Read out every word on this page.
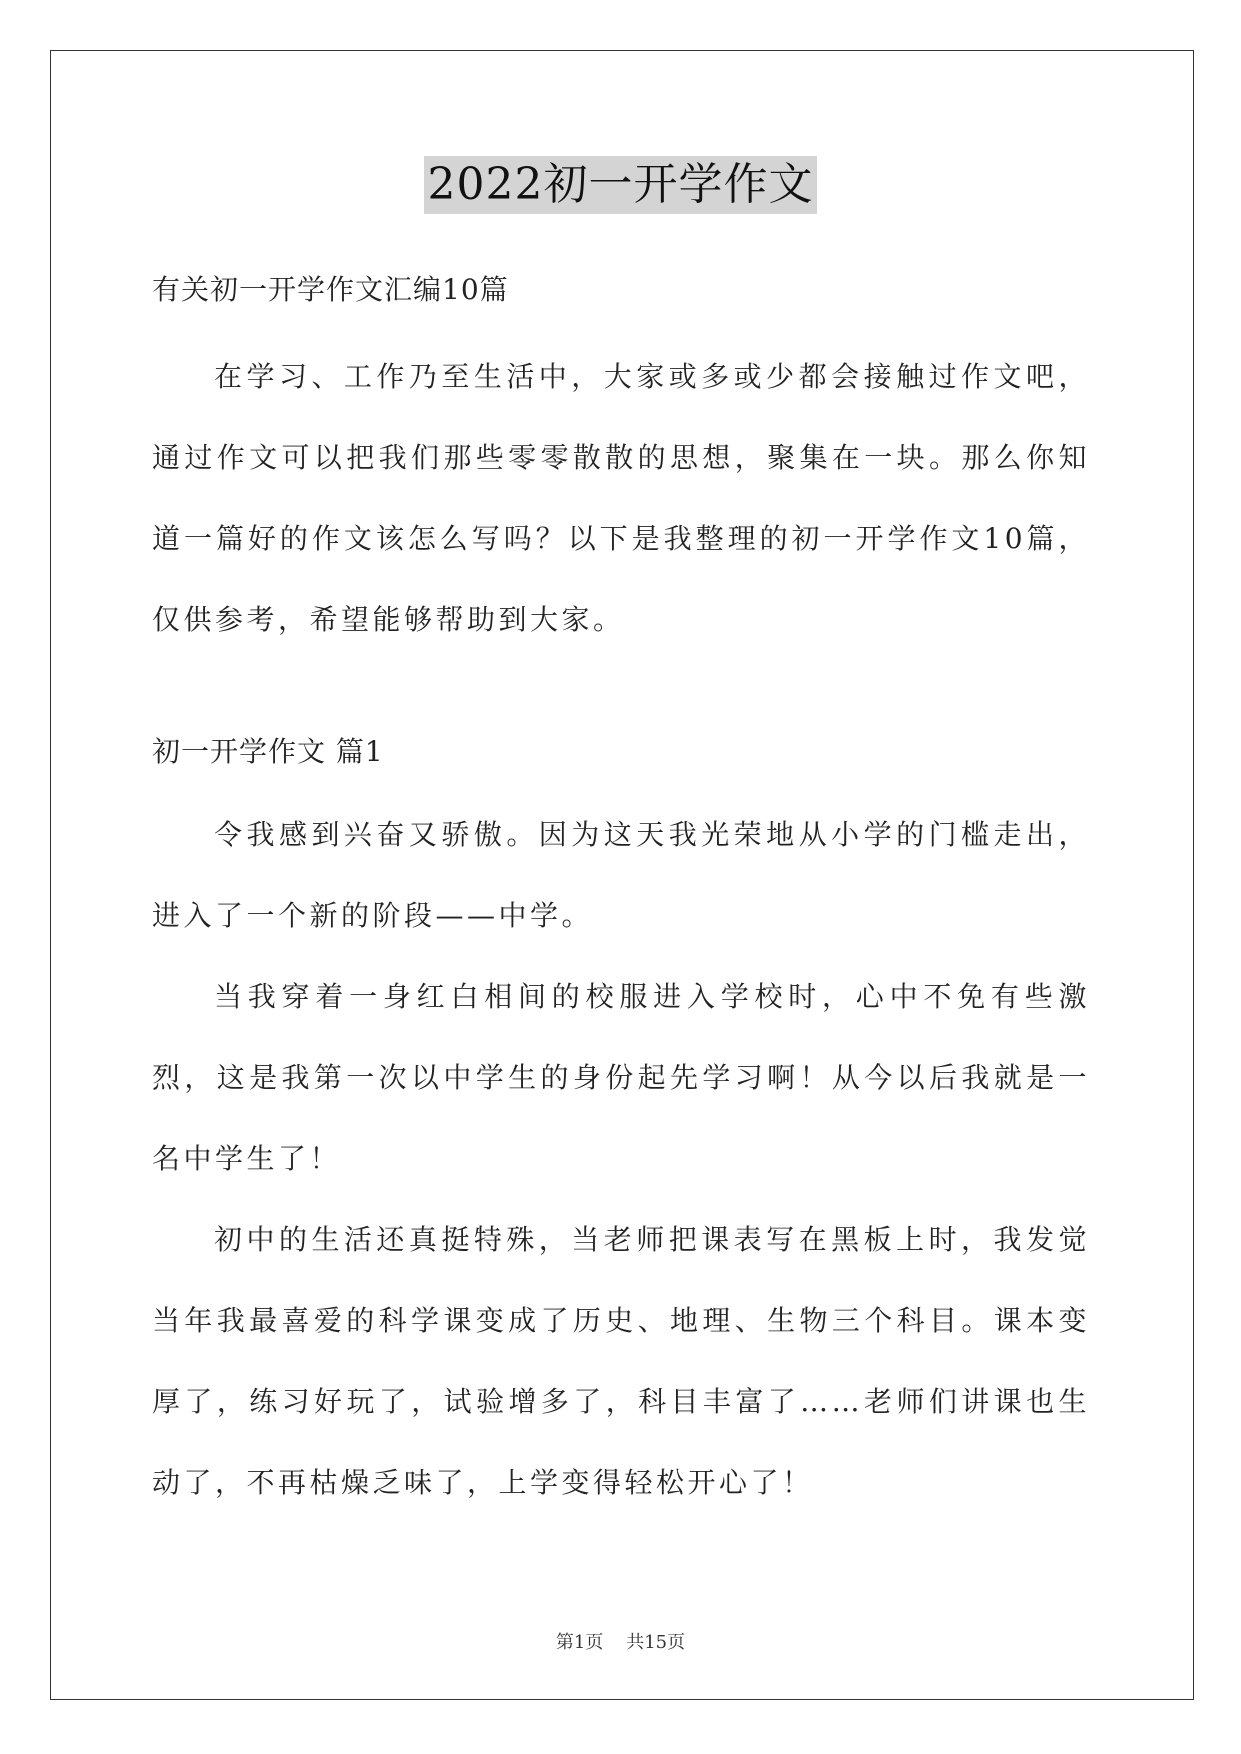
2022初一开学作文

有关初一开学作文汇编10篇

在学习、工作乃至生活中，大家或多或少都会接触过作文吧，通过作文可以把我们那些零零散散的思想，聚集在一块。那么你知道一篇好的作文该怎么写吗？以下是我整理的初一开学作文10篇，仅供参考，希望能够帮助到大家。

初一开学作文 篇1

令我感到兴奋又骄傲。因为这天我光荣地从小学的门槛走出，进入了一个新的阶段——中学。

当我穿着一身红白相间的校服进入学校时，心中不免有些激烈，这是我第一次以中学生的身份起先学习啊！从今以后我就是一名中学生了！

初中的生活还真挺特殊，当老师把课表写在黑板上时，我发觉当年我最喜爱的科学课变成了历史、地理、生物三个科目。课本变厚了，练习好玩了，试验增多了，科目丰富了……老师们讲课也生动了，不再枯燥乏味了，上学变得轻松开心了！

第1页    共15页
